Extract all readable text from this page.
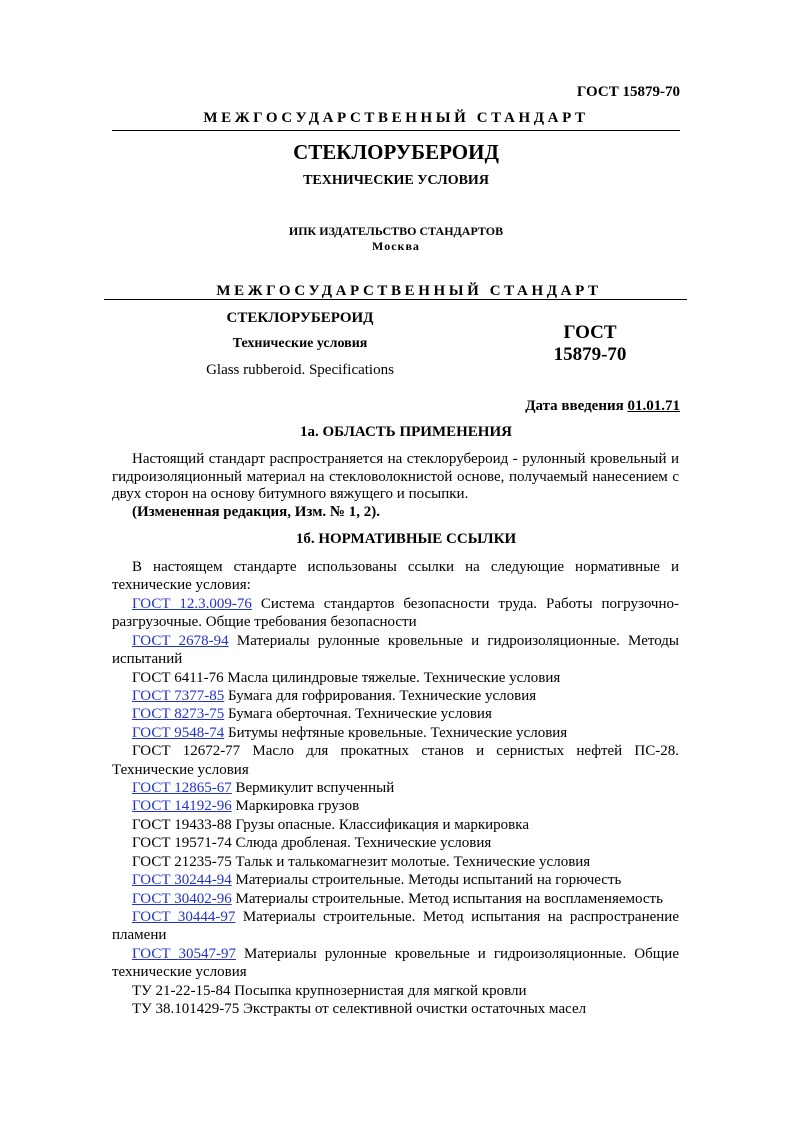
ГОСТ 15879-70
МЕЖГОСУДАРСТВЕННЫЙ СТАНДАРТ
СТЕКЛОРУБЕРОИД
ТЕХНИЧЕСКИЕ УСЛОВИЯ
ИПК ИЗДАТЕЛЬСТВО СТАНДАРТОВ
Москва
МЕЖГОСУДАРСТВЕННЫЙ СТАНДАРТ
СТЕКЛОРУБЕРОИД
Технические условия
Glass rubberoid. Specifications
ГОСТ
15879-70
Дата введения 01.01.71
1а. ОБЛАСТЬ ПРИМЕНЕНИЯ

Настоящий стандарт распространяется на стеклорубероид - рулонный кровельный и гидроизоляционный материал на стекловолокнистой основе, получаемый нанесением с двух сторон на основу битумного вяжущего и посыпки.

(Измененная редакция, Изм. № 1, 2).

1б. НОРМАТИВНЫЕ ССЫЛКИ

В настоящем стандарте использованы ссылки на следующие нормативные и технические условия:

ГОСТ 12.3.009-76 Система стандартов безопасности труда. Работы погрузочно-разгрузочные. Общие требования безопасности
ГОСТ 2678-94 Материалы рулонные кровельные и гидроизоляционные. Методы испытаний
ГОСТ 6411-76 Масла цилиндровые тяжелые. Технические условия
ГОСТ 7377-85 Бумага для гофрирования. Технические условия
ГОСТ 8273-75 Бумага оберточная. Технические условия
ГОСТ 9548-74 Битумы нефтяные кровельные. Технические условия
ГОСТ 12672-77 Масло для прокатных станов и сернистых нефтей ПС-28. Технические условия
ГОСТ 12865-67 Вермикулит вспученный
ГОСТ 14192-96 Маркировка грузов
ГОСТ 19433-88 Грузы опасные. Классификация и маркировка
ГОСТ 19571-74 Слюда дробленая. Технические условия
ГОСТ 21235-75 Тальк и талькомагнезит молотые. Технические условия
ГОСТ 30244-94 Материалы строительные. Методы испытаний на горючесть
ГОСТ 30402-96 Материалы строительные. Метод испытания на воспламеняемость
ГОСТ 30444-97 Материалы строительные. Метод испытания на распространение пламени
ГОСТ 30547-97 Материалы рулонные кровельные и гидроизоляционные. Общие технические условия
ТУ 21-22-15-84 Посыпка крупнозернистая для мягкой кровли
ТУ 38.101429-75 Экстракты от селективной очистки остаточных масел
